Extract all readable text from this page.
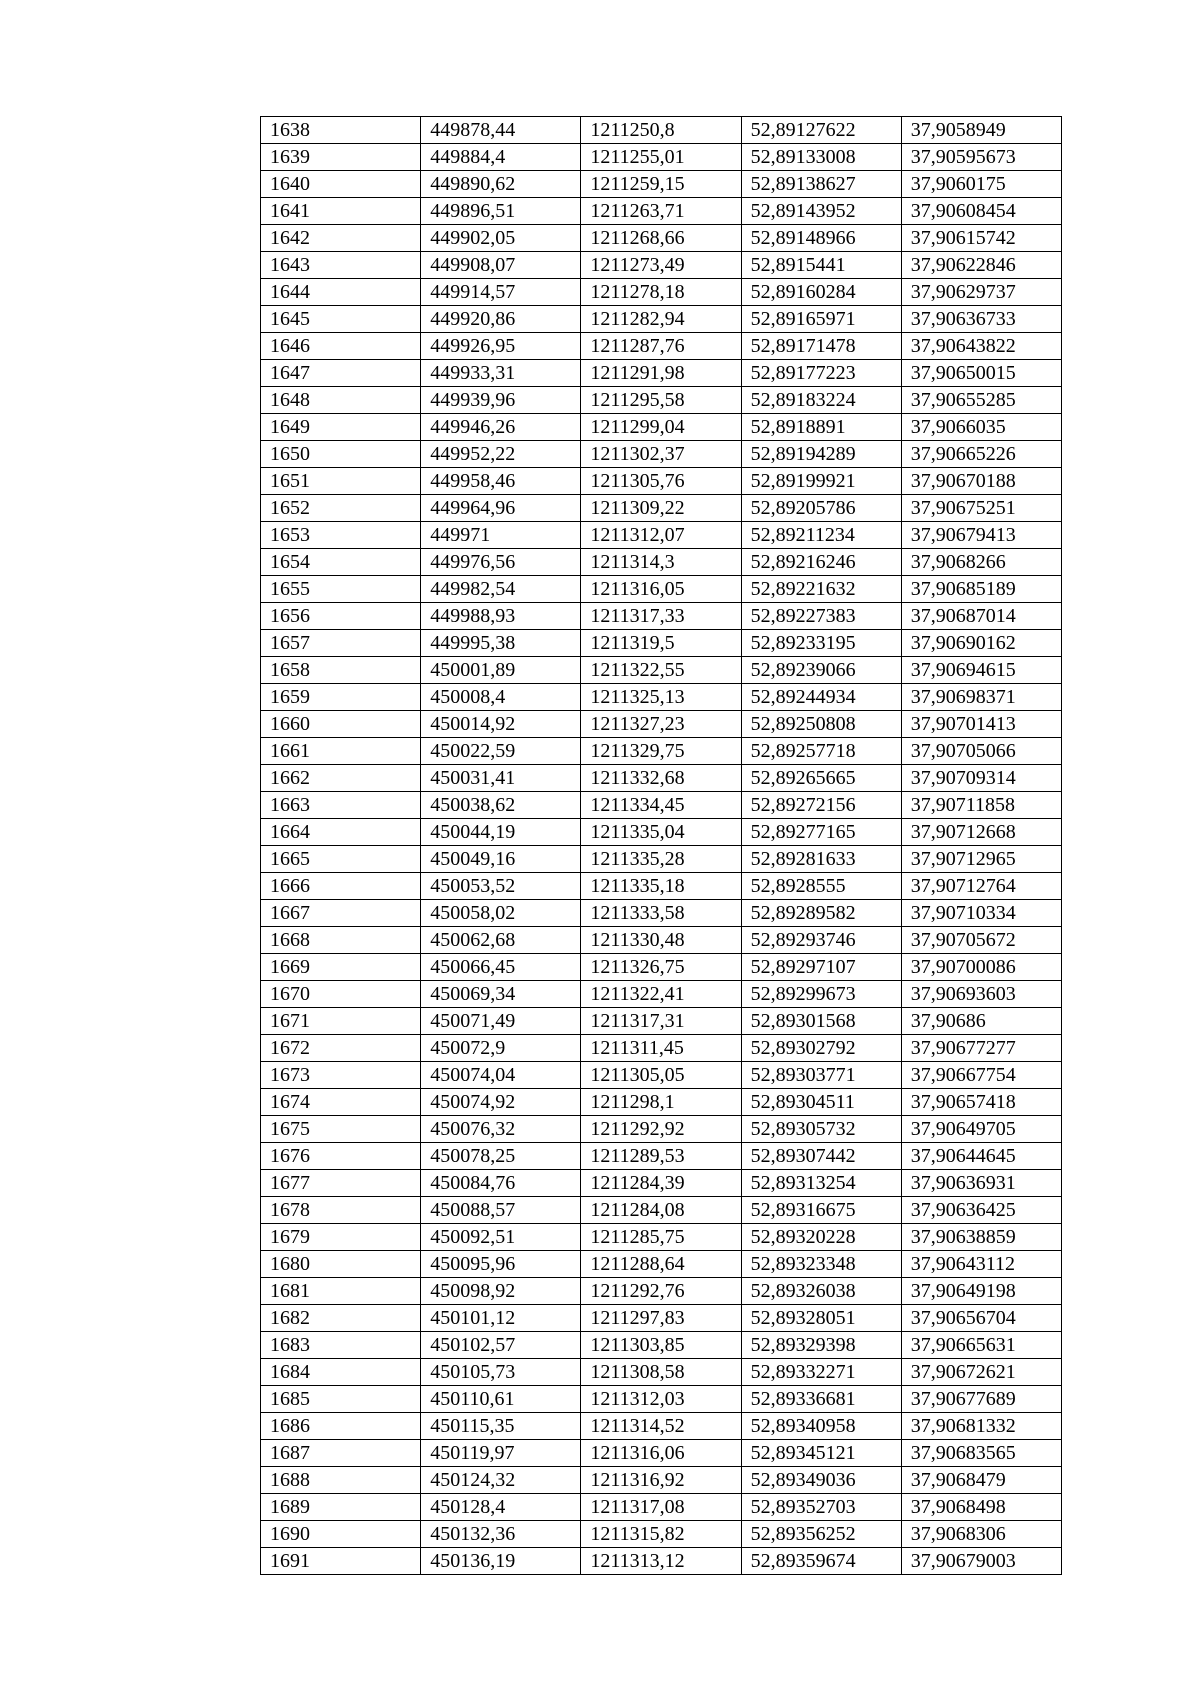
1638	449878,44	1211250,8	52,89127622	37,9058949
1639	449884,4	1211255,01	52,89133008	37,90595673
1640	449890,62	1211259,15	52,89138627	37,9060175
1641	449896,51	1211263,71	52,89143952	37,90608454
1642	449902,05	1211268,66	52,89148966	37,90615742
1643	449908,07	1211273,49	52,8915441	37,90622846
1644	449914,57	1211278,18	52,89160284	37,90629737
1645	449920,86	1211282,94	52,89165971	37,90636733
1646	449926,95	1211287,76	52,89171478	37,90643822
1647	449933,31	1211291,98	52,89177223	37,90650015
1648	449939,96	1211295,58	52,89183224	37,90655285
1649	449946,26	1211299,04	52,8918891	37,9066035
1650	449952,22	1211302,37	52,89194289	37,90665226
1651	449958,46	1211305,76	52,89199921	37,90670188
1652	449964,96	1211309,22	52,89205786	37,90675251
1653	449971	1211312,07	52,89211234	37,90679413
1654	449976,56	1211314,3	52,89216246	37,9068266
1655	449982,54	1211316,05	52,89221632	37,90685189
1656	449988,93	1211317,33	52,89227383	37,90687014
1657	449995,38	1211319,5	52,89233195	37,90690162
1658	450001,89	1211322,55	52,89239066	37,90694615
1659	450008,4	1211325,13	52,89244934	37,90698371
1660	450014,92	1211327,23	52,89250808	37,90701413
1661	450022,59	1211329,75	52,89257718	37,90705066
1662	450031,41	1211332,68	52,89265665	37,90709314
1663	450038,62	1211334,45	52,89272156	37,90711858
1664	450044,19	1211335,04	52,89277165	37,90712668
1665	450049,16	1211335,28	52,89281633	37,90712965
1666	450053,52	1211335,18	52,8928555	37,90712764
1667	450058,02	1211333,58	52,89289582	37,90710334
1668	450062,68	1211330,48	52,89293746	37,90705672
1669	450066,45	1211326,75	52,89297107	37,90700086
1670	450069,34	1211322,41	52,89299673	37,90693603
1671	450071,49	1211317,31	52,89301568	37,90686
1672	450072,9	1211311,45	52,89302792	37,90677277
1673	450074,04	1211305,05	52,89303771	37,90667754
1674	450074,92	1211298,1	52,89304511	37,90657418
1675	450076,32	1211292,92	52,89305732	37,90649705
1676	450078,25	1211289,53	52,89307442	37,90644645
1677	450084,76	1211284,39	52,89313254	37,90636931
1678	450088,57	1211284,08	52,89316675	37,90636425
1679	450092,51	1211285,75	52,89320228	37,90638859
1680	450095,96	1211288,64	52,89323348	37,90643112
1681	450098,92	1211292,76	52,89326038	37,90649198
1682	450101,12	1211297,83	52,89328051	37,90656704
1683	450102,57	1211303,85	52,89329398	37,90665631
1684	450105,73	1211308,58	52,89332271	37,90672621
1685	450110,61	1211312,03	52,89336681	37,90677689
1686	450115,35	1211314,52	52,89340958	37,90681332
1687	450119,97	1211316,06	52,89345121	37,90683565
1688	450124,32	1211316,92	52,89349036	37,9068479
1689	450128,4	1211317,08	52,89352703	37,9068498
1690	450132,36	1211315,82	52,89356252	37,9068306
1691	450136,19	1211313,12	52,89359674	37,90679003
